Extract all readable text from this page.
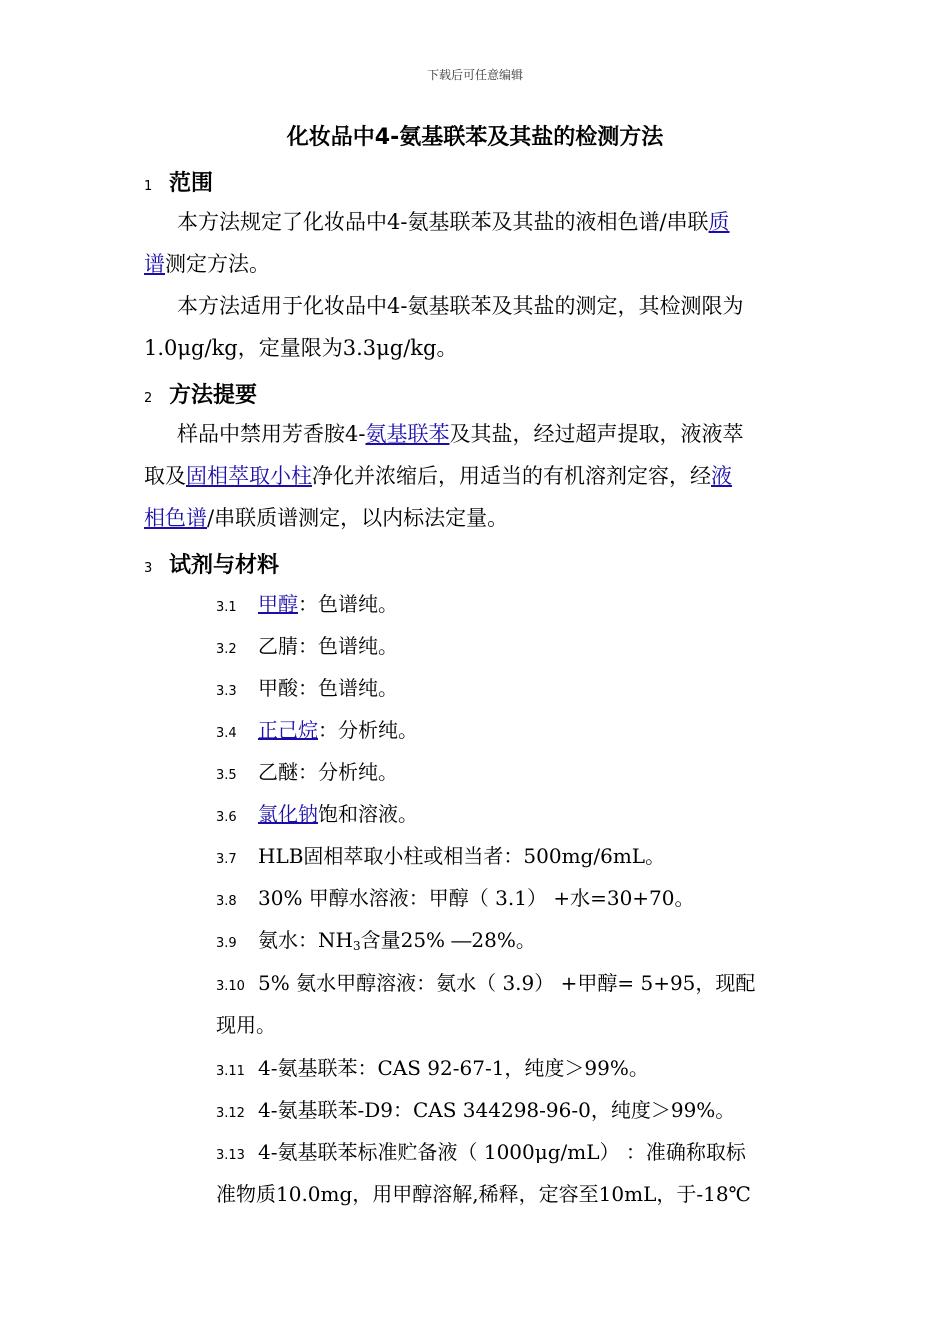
下载后可任意编辑
化妆品中4-氨基联苯及其盐的检测方法
1 范围
本方法规定了化妆品中4-氨基联苯及其盐的液相色谱/串联质
谱测定方法。
本方法适用于化妆品中4-氨基联苯及其盐的测定，其检测限为
1.0μg/kg，定量限为3.3μg/kg。
2 方法提要
样品中禁用芳香胺4-氨基联苯及其盐，经过超声提取，液液萃
取及固相萃取小柱净化并浓缩后，用适当的有机溶剂定容，经液
相色谱/串联质谱测定，以内标法定量。
3 试剂与材料
3.1 甲醇：色谱纯。
3.2 乙腈：色谱纯。
3.3 甲酸：色谱纯。
3.4 正己烷：分析纯。
3.5 乙醚：分析纯。
3.6 氯化钠饱和溶液。
3.7 HLB固相萃取小柱或相当者：500mg/6mL。
3.8 30% 甲醇水溶液：甲醇（ 3.1） +水=30+70。
3.9 氨水：$NH_3$含量25% ―28%。
3.10 5% 氨水甲醇溶液：氨水（ 3.9） +甲醇= 5+95，现配
现用。
3.11 4-氨基联苯：CAS 92-67-1，纯度＞99%。
3.12 4-氨基联苯-D9：CAS 344298-96-0，纯度＞99%。
3.13 4-氨基联苯标准贮备液（ 1000μg/mL） ：准确称取标
准物质10.0mg，用甲醇溶解,稀释，定容至10mL，于-18℃
